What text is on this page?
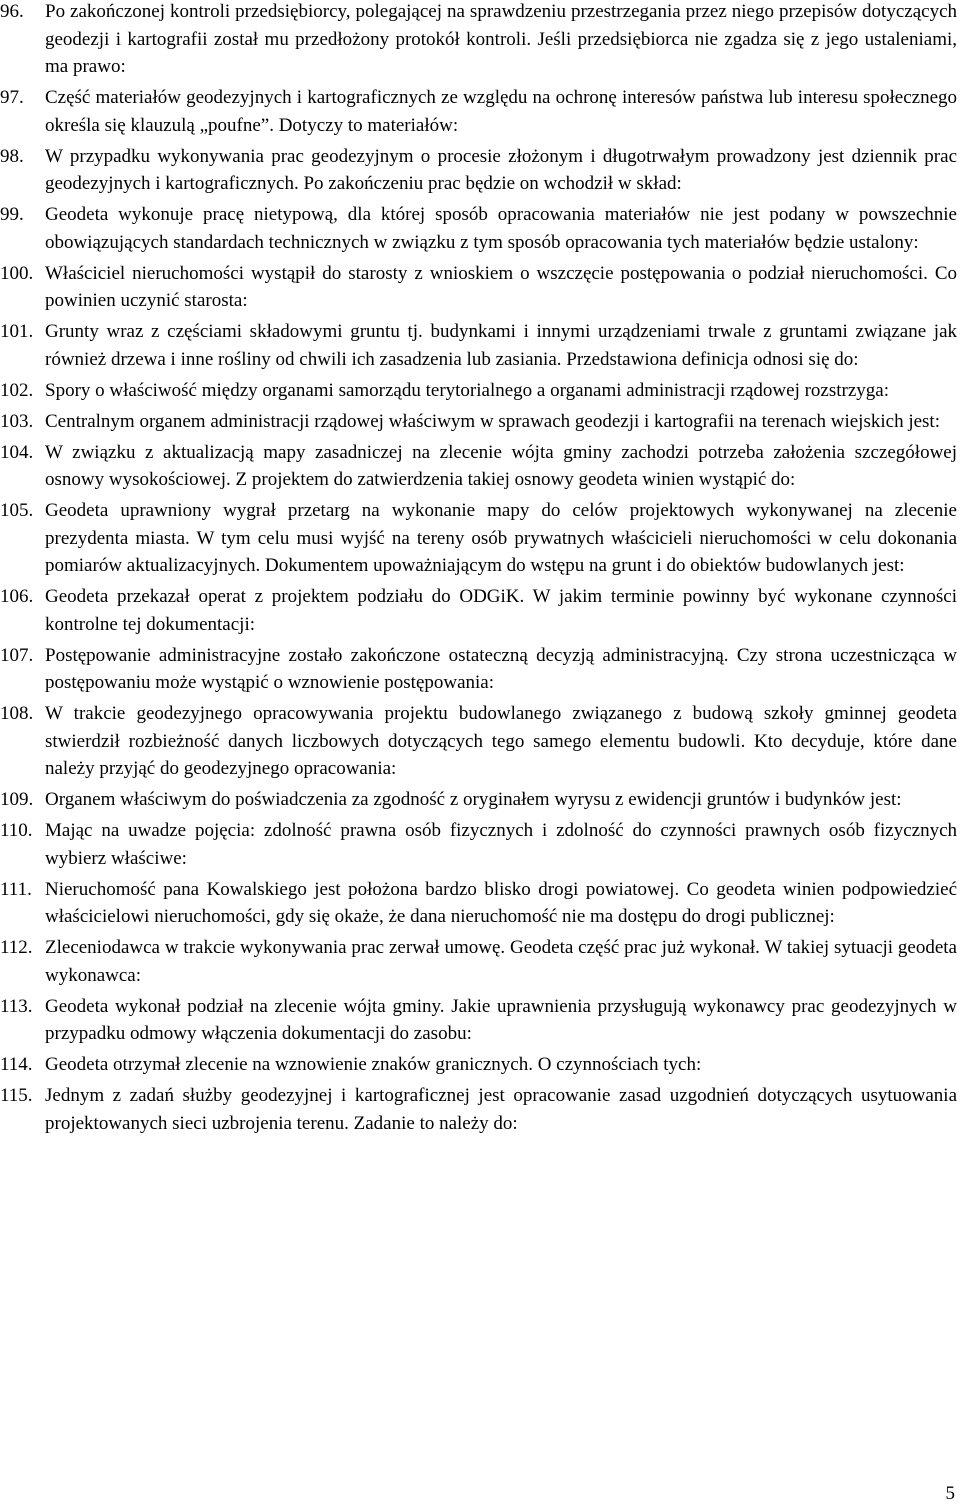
96.	Po zakończonej kontroli przedsiębiorcy, polegającej na sprawdzeniu przestrzegania przez niego przepisów dotyczących geodezji i kartografii został mu przedłożony protokół kontroli. Jeśli przedsiębiorca nie zgadza się z jego ustaleniami, ma prawo:
97.	Część materiałów geodezyjnych i kartograficznych ze względu na ochronę interesów państwa lub interesu społecznego określa się klauzulą „poufne”. Dotyczy to materiałów:
98.	W przypadku wykonywania prac geodezyjnym o procesie złożonym i długotrwałym prowadzony jest dziennik prac geodezyjnych i kartograficznych. Po zakończeniu prac będzie on wchodził w skład:
99.	Geodeta wykonuje pracę nietypową, dla której sposób opracowania materiałów nie jest podany w powszechnie obowiązujących standardach technicznych w związku z tym sposób opracowania tych materiałów będzie ustalony:
100. Właściciel nieruchomości wystąpił do starosty z wnioskiem o wszczęcie postępowania o podział nieruchomości. Co powinien uczynić starosta:
101. Grunty wraz z częściami składowymi gruntu tj. budynkami i innymi urządzeniami trwale z gruntami związane jak również drzewa i inne rośliny od chwili ich zasadzenia lub zasiania. Przedstawiona definicja odnosi się do:
102. Spory o właściwość między organami samorządu terytorialnego a organami administracji rządowej rozstrzyga:
103. Centralnym organem administracji rządowej właściwym w sprawach geodezji i kartografii na terenach wiejskich jest:
104. W związku z aktualizacją mapy zasadniczej na zlecenie wójta gminy zachodzi potrzeba założenia szczegółowej osnowy wysokościowej. Z projektem do zatwierdzenia takiej osnowy geodeta winien wystąpić do:
105. Geodeta uprawniony wygrał przetarg na wykonanie mapy do celów projektowych wykonywanej na zlecenie prezydenta miasta. W tym celu musi wyjść na tereny osób prywatnych właścicieli nieruchomości w celu dokonania pomiarów aktualizacyjnych. Dokumentem upoważniającym do wstępu na grunt i do obiektów budowlanych jest:
106. Geodeta przekazał operat z projektem podziału do ODGiK. W jakim terminie powinny być wykonane czynności kontrolne tej dokumentacji:
107. Postępowanie administracyjne zostało zakończone ostateczną decyzją administracyjną. Czy strona uczestnicząca w postępowaniu może wystąpić o wznowienie postępowania:
108. W trakcie geodezyjnego opracowywania projektu budowlanego związanego z budową szkoły gminnej geodeta stwierdził rozbieżność danych liczbowych dotyczących tego samego elementu budowli. Kto decyduje, które dane należy przyjąć do geodezyjnego opracowania:
109. Organem właściwym do poświadczenia za zgodność z oryginałem wyrysu z ewidencji gruntów i budynków jest:
110. Mając na uwadze pojęcia: zdolność prawna osób fizycznych i zdolność do czynności prawnych osób fizycznych wybierz właściwe:
111. Nieruchomość pana Kowalskiego jest położona bardzo blisko drogi powiatowej. Co geodeta winien podpowiedzieć właścicielowi nieruchomości, gdy się okaże, że dana nieruchomość nie ma dostępu do drogi publicznej:
112. Zleceniodawca w trakcie wykonywania prac zerwał umowę. Geodeta część prac już wykonał. W takiej sytuacji geodeta wykonawca:
113. Geodeta wykonał podział na zlecenie wójta gminy. Jakie uprawnienia przysługują wykonawcy prac geodezyjnych w przypadku odmowy włączenia dokumentacji do zasobu:
114. Geodeta otrzymał zlecenie na wznowienie znaków granicznych. O czynnościach tych:
115. Jednym z zadań służby geodezyjnej i kartograficznej jest opracowanie zasad uzgodnień dotyczących usytuowania projektowanych sieci uzbrojenia terenu. Zadanie to należy do:
5
